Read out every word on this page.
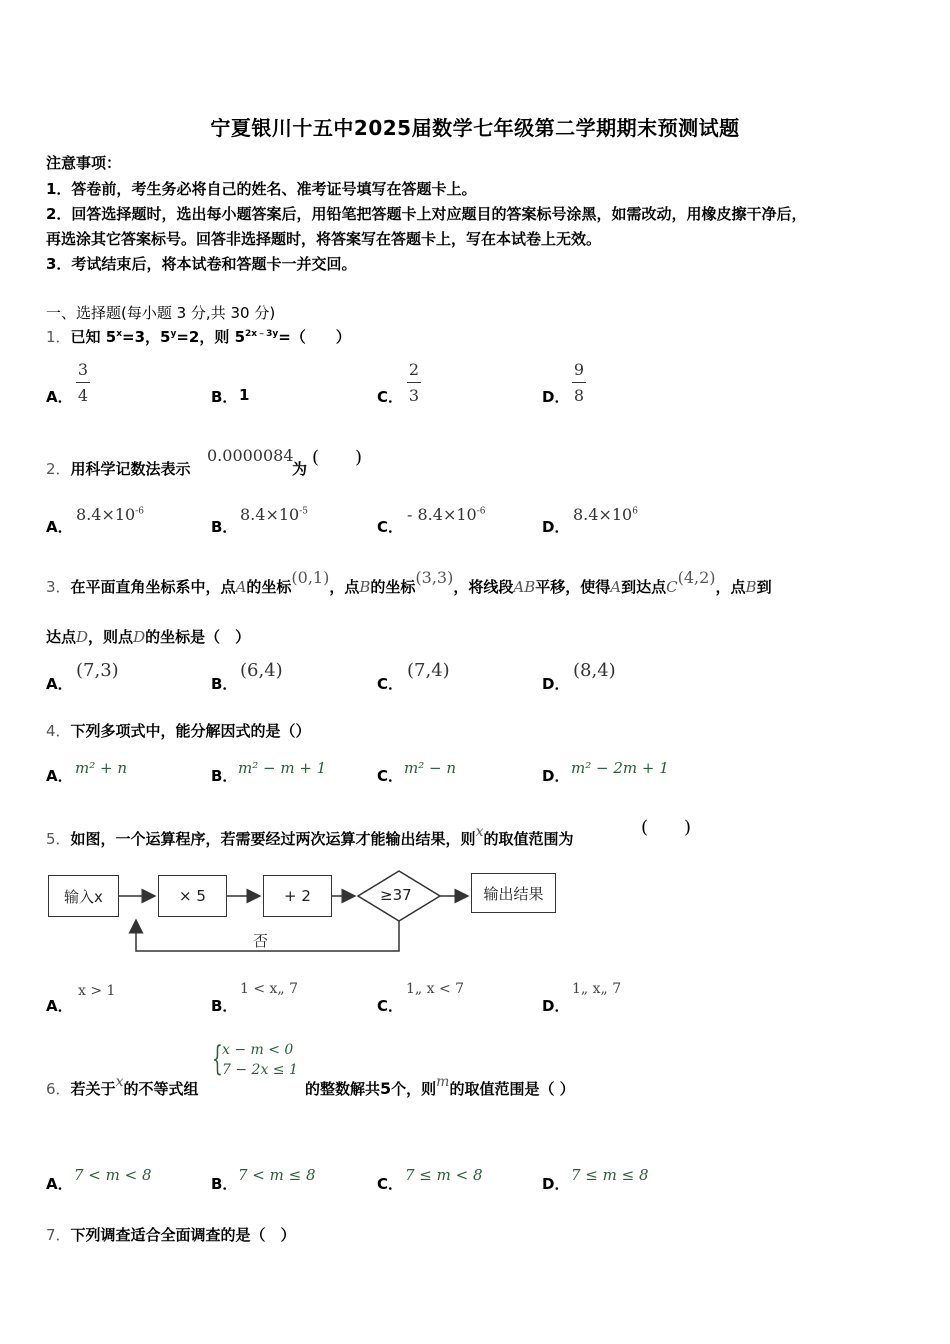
宁夏银川十五中2025届数学七年级第二学期期末预测试题
注意事项：
1．答卷前，考生务必将自己的姓名、准考证号填写在答题卡上。
2．回答选择题时，选出每小题答案后，用铅笔把答题卡上对应题目的答案标号涂黑，如需改动，用橡皮擦干净后，
再选涂其它答案标号。回答非选择题时，将答案写在答题卡上，写在本试卷上无效。
3．考试结束后，将本试卷和答题卡一并交回。
一、选择题(每小题 3 分,共 30 分)
1．已知 $5^x=3$，$5^y=2$，则 $5^{2x﹣3y}=$（　　）
A．
3
4	B． 1	C．
2
3	D．
9
8
2．用科学记数法表示
0.0000084
为
(　　)
A．
$8.4\times 10^{-6}$
B．
$8.4\times 10^{-5}$
C．
- $8.4\times 10^{-6}$
D．
$8.4\times 10^6$
3．在平面直角坐标系中，点A的坐标(0,1)，点B的坐标(3,3)，将线段AB平移，使得A到达点C(4,2)，点B到
达点D，则点D的坐标是（　）
A．
(7,3)
B．
(6,4)
C．
(7,4)
D．
(8,4)
4．下列多项式中，能分解因式的是（）
A． m² + n	B． m² − m + 1	C． m² − n	D． m² − 2m + 1
5．如图，一个运算程序，若需要经过两次运算才能输出结果，则x的取值范围为
(　　)
输入x	× 5	+ 2	≥37	输出结果
否
A．
x > 1
B．
1 < x„ 7
C．
1„ x < 7
D．
1„ x„ 7
6．若关于x的不等式组
{ x − m < 0
7 − 2x ≤ 1
的整数解共5个，则m的取值范围是（ ）
A． 7 < m < 8	B． 7 < m ≤ 8	C． 7 ≤ m < 8	D． 7 ≤ m ≤ 8
7．下列调查适合全面调查的是（　）
